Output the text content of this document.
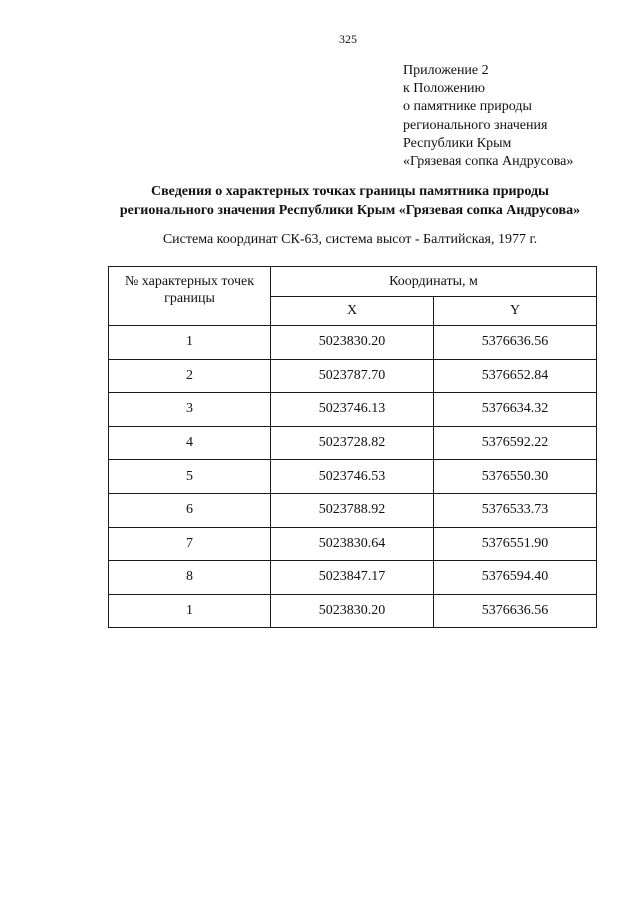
325
Приложение 2
к Положению
о памятнике природы
регионального значения
Республики Крым
«Грязевая сопка Андрусова»
Сведения о характерных точках границы памятника природы
регионального значения Республики Крым «Грязевая сопка Андрусова»
Система координат СК-63, система высот - Балтийская, 1977 г.
№ характерных точек границы	Координаты, м	
	X	Y
1	5023830.20	5376636.56
2	5023787.70	5376652.84
3	5023746.13	5376634.32
4	5023728.82	5376592.22
5	5023746.53	5376550.30
6	5023788.92	5376533.73
7	5023830.64	5376551.90
8	5023847.17	5376594.40
1	5023830.20	5376636.56
